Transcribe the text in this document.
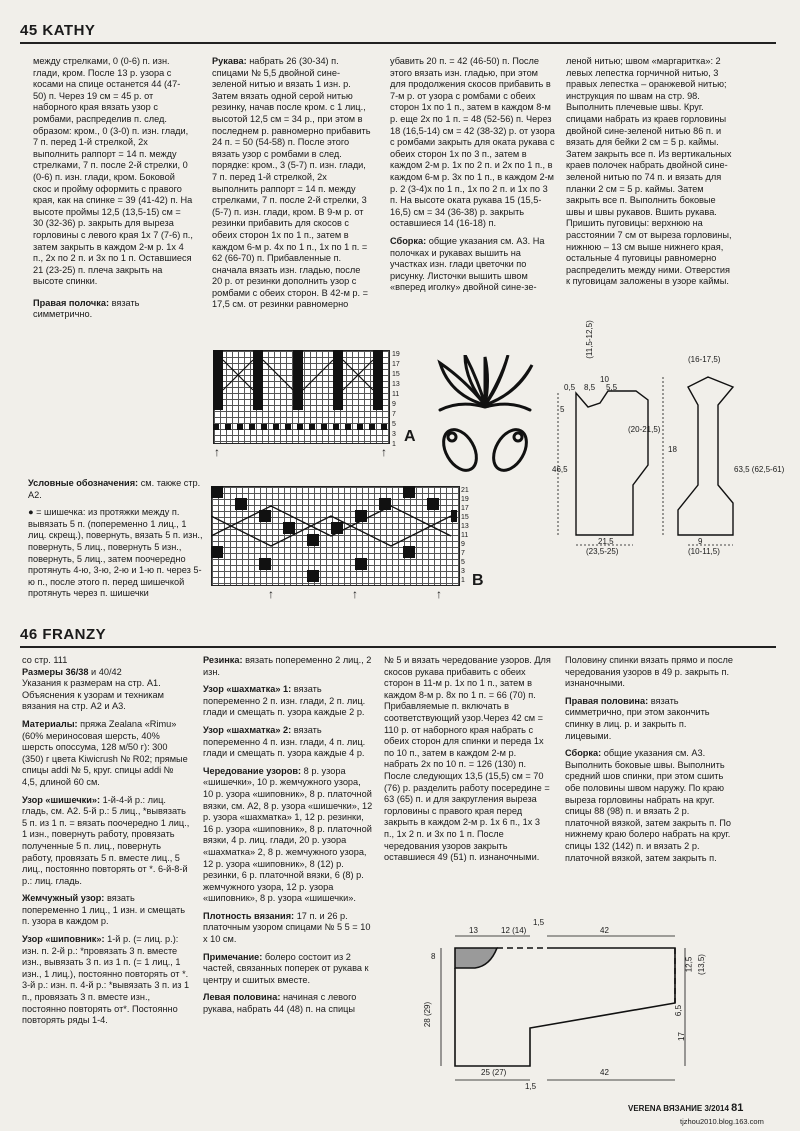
45 KATHY

между стрелками, 0 (0-6) п. изн. глади, кром. После 13 р. узора с косами на спице останется 44 (47-50) п. Через 19 см = 45 р. от наборного края вязать узор с ромбами, распределив п. след. образом: кром., 0 (3-0) п. изн. глади, 7 п. перед 1-й стрелкой, 2х выполнить раппорт = 14 п. между стрелками, 7 п. после 2-й стрелки, 0 (0-6) п. изн. глади, кром. Боковой скос и пройму оформить с правого края, как на спинке = 39 (41-42) п. На высоте проймы 12,5 (13,5-15) см = 30 (32-36) р. закрыть для выреза горловины с левого края 1х 7 (7-6) п., затем закрыть в каждом 2-м р. 1х 4 п., 2х по 2 п. и 3х по 1 п. Оставшиеся 21 (23-25) п. плеча закрыть на высоте спинки.

Правая полочка: вязать симметрично.

Рукава: набрать 26 (30-34) п. спицами № 5,5 двойной сине-зеленой нитью и вязать 1 изн. р. Затем вязать одной серой нитью резинку, начав после кром. с 1 лиц., высотой 12,5 см = 34 р., при этом в последнем р. равномерно прибавить 24 п. = 50 (54-58) п. После этого вязать узор с ромбами в след. порядке: кром., 3 (5-7) п. изн. глади, 7 п. перед 1-й стрелкой, 2х выполнить раппорт = 14 п. между стрелками, 7 п. после 2-й стрелки, 3 (5-7) п. изн. глади, кром. В 9-м р. от резинки прибавить для скосов с обеих сторон 1х по 1 п., затем в каждом 6-м р. 4х по 1 п., 1х по 1 п. = 62 (66-70) п. Прибавленные п. сначала вязать изн. гладью, после 20 р. от резинки дополнить узор с ромбами с обеих сторон. В 42-м р. = 17,5 см. от резинки равномерно

убавить 20 п. = 42 (46-50) п. После этого вязать изн. гладью, при этом для продолжения скосов прибавить в 7-м р. от узора с ромбами с обеих сторон 1х по 1 п., затем в каждом 8-м р. еще 2х по 1 п. = 48 (52-56) п. Через 18 (16,5-14) см = 42 (38-32) р. от узора с ромбами закрыть для оката рукава с обеих сторон 1х по 3 п., затем в каждом 2-м р. 1х по 2 п. и 2х по 1 п., в каждом 6-м р. 3х по 1 п., в каждом 2-м р. 2 (3-4)х по 1 п., 1х по 2 п. и 1х по 3 п. На высоте оката рукава 15 (15,5-16,5) см = 34 (36-38) р. закрыть оставшиеся 14 (16-18) п.

Сборка: общие указания см. А3. На полочках и рукавах вышить на участках изн. глади цветочки по рисунку. Листочки вышить швом «вперед иголку» двойной сине-зе-

леной нитью; швом «маргаритка»: 2 левых лепестка горчичной нитью, 3 правых лепестка – оранжевой нитью; инструкция по швам на стр. 98. Выполнить плечевые швы. Круг. спицами набрать из краев горловины двойной сине-зеленой нитью 86 п. и вязать для бейки 2 см = 5 р. каймы. Затем закрыть все п. Из вертикальных краев полочек набрать двойной сине-зеленой нитью по 74 п. и вязать для планки 2 см = 5 р. каймы. Затем закрыть все п. Выполнить боковые швы и швы рукавов. Вшить рукава. Пришить пуговицы: верхнюю на расстоянии 7 см от выреза горловины, нижнюю – 13 см выше нижнего края, остальные 4 пуговицы равномерно распределить между ними. Отверстия к пуговицам заложены в узоре каймы.

19
17
15
13
11
9
7
5
3
1 A
↑	↑

Условные обозначения: см. также стр. А2.

● = шишечка: из протяжки между п. вывязать 5 п. (попеременно 1 лиц., 1 лиц. скрещ.), повернуть, вязать 5 п. изн., повернуть, 5 лиц., повернуть 5 изн., повернуть, 5 лиц., затем поочередно протянуть 4-ю, 3-ю, 2-ю и 1-ю п. через 5-ю п., после этого п. перед шишечкой протянуть через п. шишечки

21
19
17
15
13
11
9
7
5
3
1 B
↑	↑	↑
(11,5-12,5)
0,5 8,5
10
5,5
5
(20-21,5)
46,5
21,5
(23,5-25)
(16-17,5)
18
63,5 (62,5-61)
9
(10-11,5)
46 FRANZY

со стр. 111

Размеры 36/38 и 40/42
Указания к размерам на стр. А1. Объяснения к узорам и техникам вязания на стр. А2 и А3.

Материалы: пряжа Zealana «Rimu» (60% мериносовая шерсть, 40% шерсть опоссума, 128 м/50 г): 300 (350) г цвета Kiwicrush № R02; прямые спицы addi № 5, круг. спицы addi № 4,5, длиной 60 см.

Узор «шишечки»: 1-й-4-й р.: лиц. гладь, см. А2. 5-й р.: 5 лиц., *вывязать 5 п. из 1 п. = вязать поочередно 1 лиц., 1 изн., повернуть работу, провязать полученные 5 п. лиц., повернуть работу, провязать 5 п. вместе лиц., 5 лиц., постоянно повторять от *. 6-й-8-й р.: лиц. гладь.

Жемчужный узор: вязать попеременно 1 лиц., 1 изн. и смещать п. узора в каждом р.

Узор «шиповник»: 1-й р. (= лиц. р.): изн. п. 2-й р.: *провязать 3 п. вместе изн., вывязать 3 п. из 1 п. (= 1 лиц., 1 изн., 1 лиц.), постоянно повторять от *. 3-й р.: изн. п. 4-й р.: *вывязать 3 п. из 1 п., провязать 3 п. вместе изн., постоянно повторять от*. Постоянно повторять ряды 1-4.

Резинка: вязать попеременно 2 лиц., 2 изн.

Узор «шахматка» 1: вязать попеременно 2 п. изн. глади, 2 п. лиц. глади и смещать п. узора каждые 2 р.

Узор «шахматка» 2: вязать попеременно 4 п. изн. глади, 4 п. лиц. глади и смещать п. узора каждые 4 р.

Чередование узоров: 8 р. узора «шишечки», 10 р. жемчужного узора, 10 р. узора «шиповник», 8 р. платочной вязки, см. А2, 8 р. узора «шишечки», 12 р. узора «шахматка» 1, 12 р. резинки, 16 р. узора «шиповник», 8 р. платочной вязки, 4 р. лиц. глади, 20 р. узора «шахматка» 2, 8 р. жемчужного узора, 12 р. узора «шиповник», 8 (12) р. резинки, 6 р. платочной вязки, 6 (8) р. жемчужного узора, 12 р. узора «шиповник», 8 р. узора «шишечки».

Плотность вязания: 17 п. и 26 р. платочным узором спицами № 5 5 = 10 х 10 см.

Примечание: болеро состоит из 2 частей, связанных поперек от рукава к центру и сшитых вместе.

Левая половина: начиная с левого рукава, набрать 44 (48) п. на спицы

№ 5 и вязать чередование узоров. Для скосов рукава прибавить с обеих сторон в 11-м р. 1х по 1 п., затем в каждом 8-м р. 8х по 1 п. = 66 (70) п. Прибавляемые п. включать в соответствующий узор.Через 42 см = 110 р. от наборного края набрать с обеих сторон для спинки и переда 1х по 10 п., затем в каждом 2-м р. набрать 2х по 10 п. = 126 (130) п. После следующих 13,5 (15,5) см = 70 (76) р. разделить работу посередине = 63 (65) п. и для закругления выреза горловины с правого края перед закрыть в каждом 2-м р. 1х 6 п., 1х 3 п., 1х 2 п. и 3х по 1 п. После чередования узоров закрыть оставшиеся 49 (51) п. изнаночными.

Половину спинки вязать прямо и после чередования узоров в 49 р. закрыть п. изнаночными.

Правая половина: вязать симметрично, при этом закончить спинку в лиц. р. и закрыть п. лицевыми.

Сборка: общие указания см. А3. Выполнить боковые швы. Выполнить средний шов спинки, при этом сшить обе половины швом наружу. По краю выреза горловины набрать на круг. спицы 88 (98) п. и вязать 2 р. платочной вязкой, затем закрыть п. По нижнему краю болеро набрать на круг. спицы 132 (142) п. и вязать 2 р. платочной вязкой, затем закрыть п.

13	12 (14)
1,5
42
8
12,5 (13,5)
28 (29)	6,5
17
25 (27)
1,5
42
VERENA ВЯЗАНИЕ 3/2014 81
tjzhou2010.blog.163.com
